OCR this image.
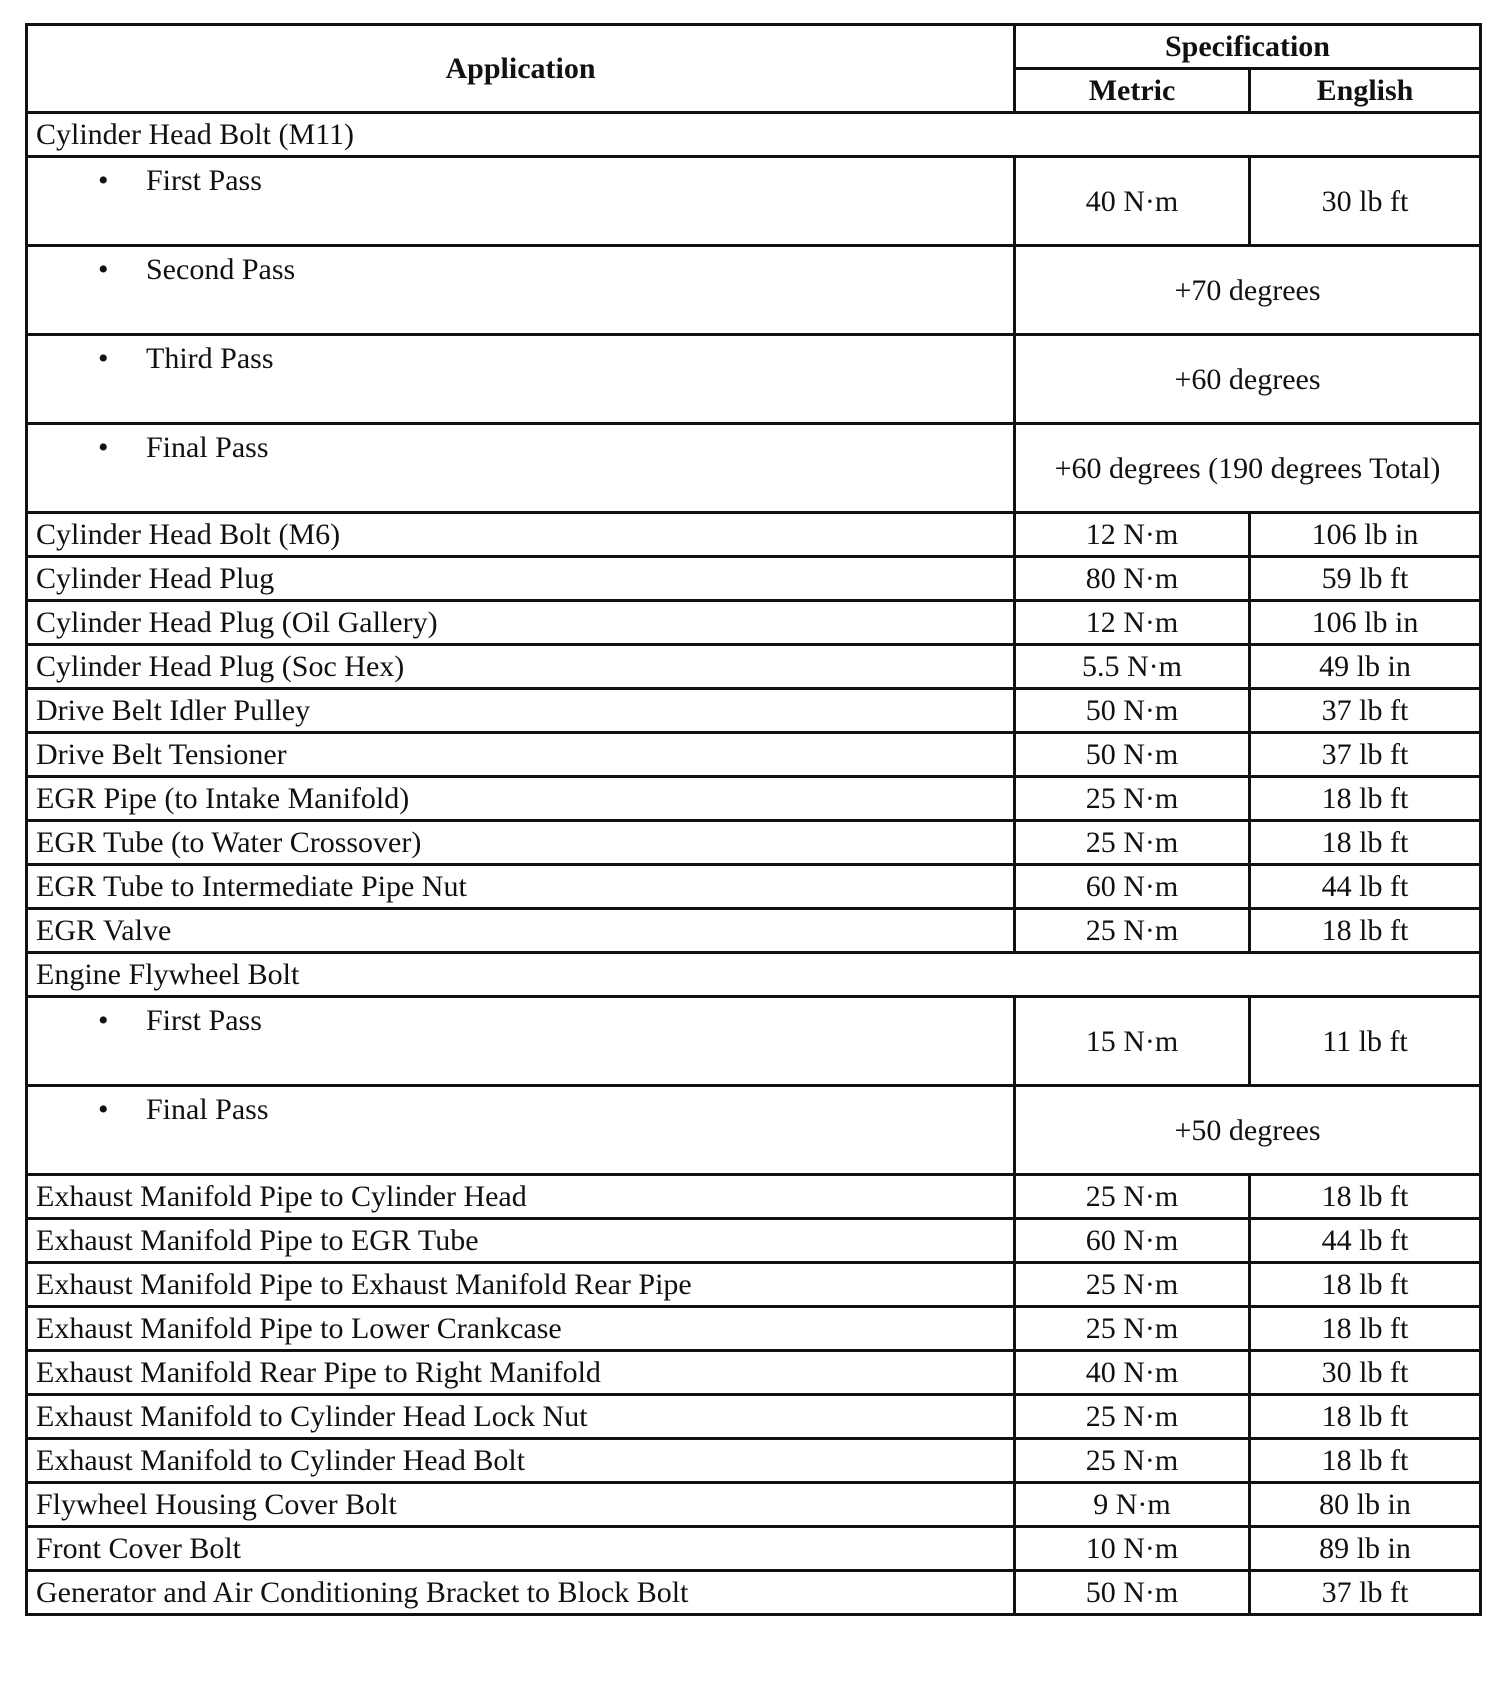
Application	Specification	
	Metric	English
Cylinder Head Bolt (M11)		
• First Pass	40 N·m	30 lb ft
• Second Pass	+70 degrees	
• Third Pass	+60 degrees	
• Final Pass	+60 degrees (190 degrees Total)	
Cylinder Head Bolt (M6)	12 N·m	106 lb in
Cylinder Head Plug	80 N·m	59 lb ft
Cylinder Head Plug (Oil Gallery)	12 N·m	106 lb in
Cylinder Head Plug (Soc Hex)	5.5 N·m	49 lb in
Drive Belt Idler Pulley	50 N·m	37 lb ft
Drive Belt Tensioner	50 N·m	37 lb ft
EGR Pipe (to Intake Manifold)	25 N·m	18 lb ft
EGR Tube (to Water Crossover)	25 N·m	18 lb ft
EGR Tube to Intermediate Pipe Nut	60 N·m	44 lb ft
EGR Valve	25 N·m	18 lb ft
Engine Flywheel Bolt		
• First Pass	15 N·m	11 lb ft
• Final Pass	+50 degrees	
Exhaust Manifold Pipe to Cylinder Head	25 N·m	18 lb ft
Exhaust Manifold Pipe to EGR Tube	60 N·m	44 lb ft
Exhaust Manifold Pipe to Exhaust Manifold Rear Pipe	25 N·m	18 lb ft
Exhaust Manifold Pipe to Lower Crankcase	25 N·m	18 lb ft
Exhaust Manifold Rear Pipe to Right Manifold	40 N·m	30 lb ft
Exhaust Manifold to Cylinder Head Lock Nut	25 N·m	18 lb ft
Exhaust Manifold to Cylinder Head Bolt	25 N·m	18 lb ft
Flywheel Housing Cover Bolt	9 N·m	80 lb in
Front Cover Bolt	10 N·m	89 lb in
Generator and Air Conditioning Bracket to Block Bolt	50 N·m	37 lb ft
